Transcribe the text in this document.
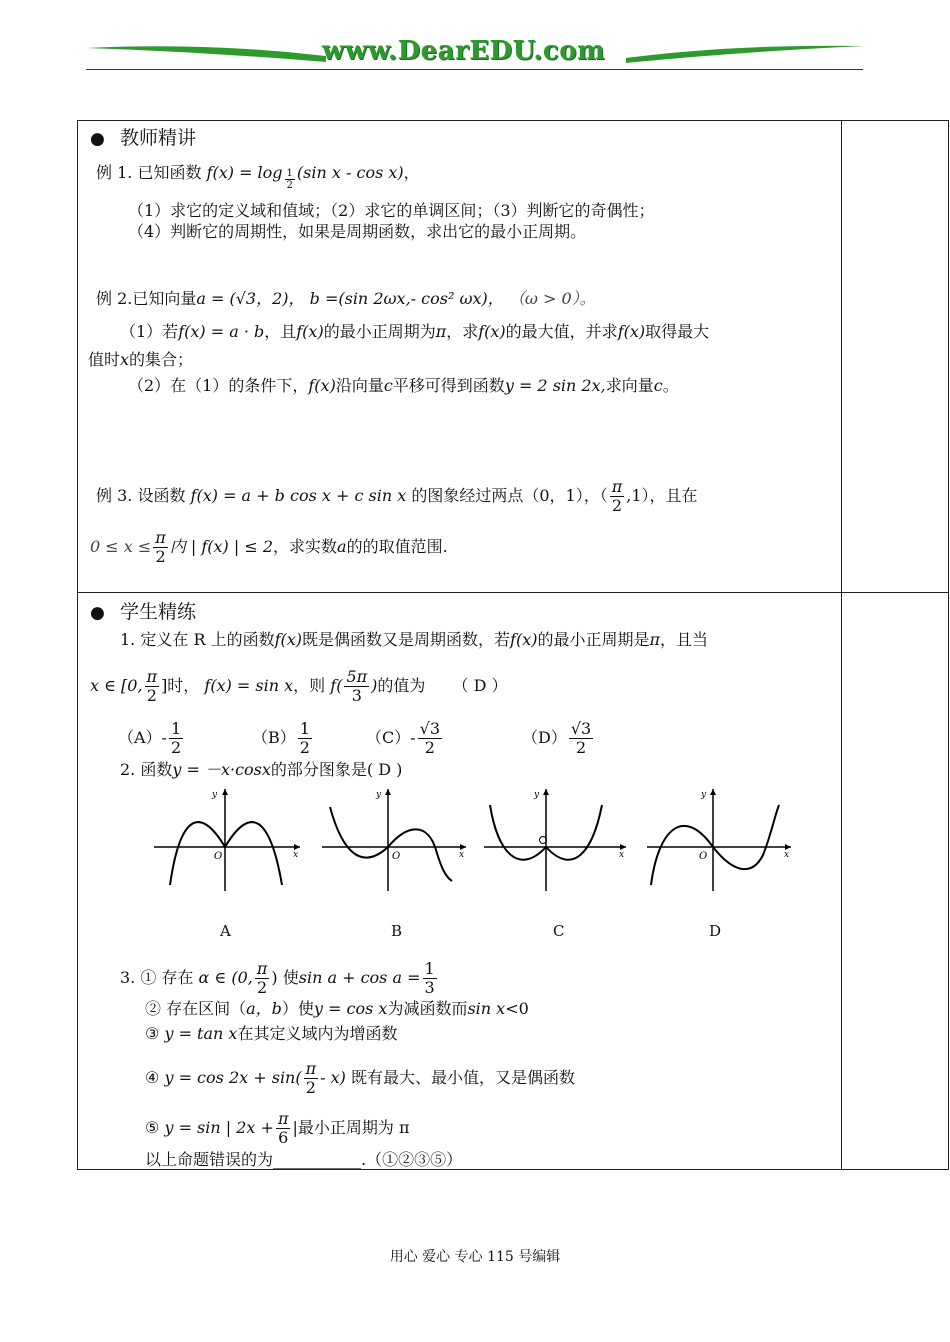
www.DearEDU.com
● 教师精讲
例 1. 已知函数 $f(x) = \log \frac{1}{2} (\sin$ x - cos x)，
（1）求它的定义域和值域；（2）求它的单调区间；（3）判断它的奇偶性；
（4）判断它的周期性，如果是周期函数，求出它的最小正周期。
例 2.已知向量a = (√3，2)， b =(sin 2ωx,- cos² ωx)， （ω > 0）。
（1）若f(x) = a · b，且f(x)的最小正周期为π，求f(x)的最大值，并求f(x)取得最大
值时x的集合；
（2）在（1）的条件下，f(x)沿向量c平移可得到函数y = 2 sin 2x,求向量c。
例 3. 设函数 f(x) = a + b cos x + c sin x 的图象经过两点（0，1），（ $\frac{\pi}{2} ,1$），且在
$0 \le x \le \frac{\pi}{2}$ 内 | f(x) | ≤ 2，求实数a的的取值范围.
● 学生精练
1. 定义在 R 上的函数f(x)既是偶函数又是周期函数，若f(x)的最小正周期是π，且当
x ∈ [0, $\frac{\pi}{2}$ ]时， f(x) = sin x，则 $f( \frac{5\pi}{3}$ )的值为 （ D ）
$(A)- \frac{1}{2}$	$(B) \frac{1}{2}$	$(C)- \frac{√3}{2}$	$(D) \frac{√3}{2}$
2. 函数y = －x·cosx的部分图象是( D )
y
x
O
y
x
O
y
x
y
x
O
A	B	C	D
3. ① 存在 α ∈ (0, $\frac{\pi}{2}$ ) 使$\sin a + \cos a = \frac{1}{3}$
② 存在区间（a，b）使y = cos x为减函数而sin x<0
③ y = tan x在其定义域内为增函数
④ $y = \cos 2x + \sin( \frac{\pi}{2} - x)$ 既有最大、最小值，又是偶函数
⑤ y = sin | $2x + \frac{\pi}{6}$ |最小正周期为 π
以上命题错误的为___________.（①②③⑤）
用心 爱心 专心 115 号编辑
